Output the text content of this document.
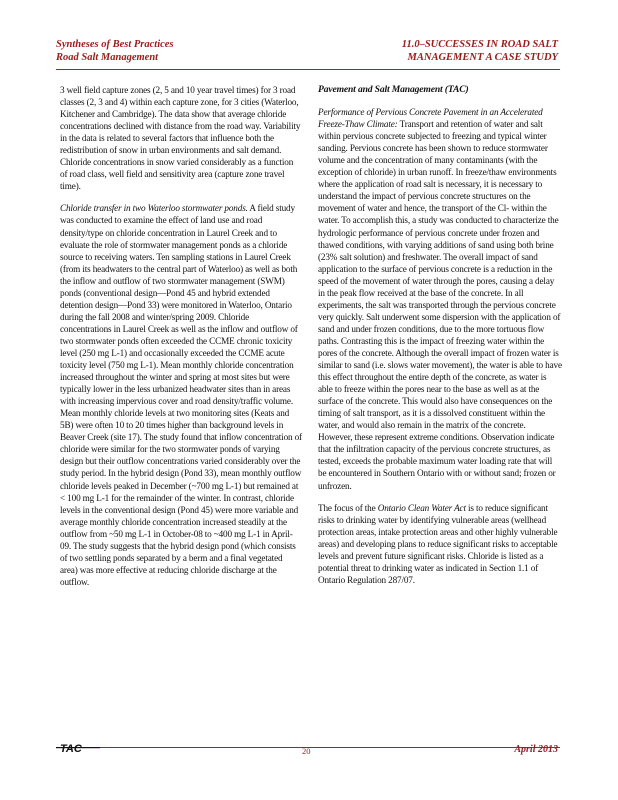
Syntheses of Best Practices
Road Salt Management
11.0–SUCCESSES IN ROAD SALT
MANAGEMENT A CASE STUDY

3 well field capture zones (2, 5 and 10 year travel times) for 3 road classes (2, 3 and 4) within each capture zone, for 3 cities (Waterloo, Kitchener and Cambridge). The data show that average chloride concentrations declined with distance from the road way. Variability in the data is related to several factors that influence both the redistribution of snow in urban environments and salt demand. Chloride concentrations in snow varied considerably as a function of road class, well field and sensitivity area (capture zone travel time).

Chloride transfer in two Waterloo stormwater ponds. A field study was conducted to examine the effect of land use and road density/type on chloride concentration in Laurel Creek and to evaluate the role of stormwater management ponds as a chloride source to receiving waters. Ten sampling stations in Laurel Creek (from its headwaters to the central part of Waterloo) as well as both the inflow and outflow of two stormwater management (SWM) ponds (conventional design—Pond 45 and hybrid extended detention design—Pond 33) were monitored in Waterloo, Ontario during the fall 2008 and winter/spring 2009. Chloride concentrations in Laurel Creek as well as the inflow and outflow of two stormwater ponds often exceeded the CCME chronic toxicity level (250 mg L-1) and occasionally exceeded the CCME acute toxicity level (750 mg L-1). Mean monthly chloride concentration increased throughout the winter and spring at most sites but were typically lower in the less urbanized headwater sites than in areas with increasing impervious cover and road density/traffic volume. Mean monthly chloride levels at two monitoring sites (Keats and 5B) were often 10 to 20 times higher than background levels in Beaver Creek (site 17). The study found that inflow concentration of chloride were similar for the two stormwater ponds of varying design but their outflow concentrations varied considerably over the study period. In the hybrid design (Pond 33), mean monthly outflow chloride levels peaked in December (~700 mg L-1) but remained at < 100 mg L-1 for the remainder of the winter. In contrast, chloride levels in the conventional design (Pond 45) were more variable and average monthly chloride concentration increased steadily at the outflow from ~50 mg L-1 in October-08 to ~400 mg L-1 in April-09. The study suggests that the hybrid design pond (which consists of two settling ponds separated by a berm and a final vegetated area) was more effective at reducing chloride discharge at the outflow.

Pavement and Salt Management (TAC)

Performance of Pervious Concrete Pavement in an Accelerated Freeze-Thaw Climate: Transport and retention of water and salt within pervious concrete subjected to freezing and typical winter sanding. Pervious concrete has been shown to reduce stormwater volume and the concentration of many contaminants (with the exception of chloride) in urban runoff. In freeze/thaw environments where the application of road salt is necessary, it is necessary to understand the impact of pervious concrete structures on the movement of water and hence, the transport of the Cl- within the water. To accomplish this, a study was conducted to characterize the hydrologic performance of pervious concrete under frozen and thawed conditions, with varying additions of sand using both brine (23% salt solution) and freshwater. The overall impact of sand application to the surface of pervious concrete is a reduction in the speed of the movement of water through the pores, causing a delay in the peak flow received at the base of the concrete. In all experiments, the salt was transported through the pervious concrete very quickly. Salt underwent some dispersion with the application of sand and under frozen conditions, due to the more tortuous flow paths. Contrasting this is the impact of freezing water within the pores of the concrete. Although the overall impact of frozen water is similar to sand (i.e. slows water movement), the water is able to have this effect throughout the entire depth of the concrete, as water is able to freeze within the pores near to the base as well as at the surface of the concrete. This would also have consequences on the timing of salt transport, as it is a dissolved constituent within the water, and would also remain in the matrix of the concrete. However, these represent extreme conditions. Observation indicate that the infiltration capacity of the pervious concrete structures, as tested, exceeds the probable maximum water loading rate that will be encountered in Southern Ontario with or without sand; frozen or unfrozen.

The focus of the Ontario Clean Water Act is to reduce significant risks to drinking water by identifying vulnerable areas (wellhead protection areas, intake protection areas and other highly vulnerable areas) and developing plans to reduce significant risks to acceptable levels and prevent future significant risks. Chloride is listed as a potential threat to drinking water as indicated in Section 1.1 of Ontario Regulation 287/07.

TAC	20	April 2013
